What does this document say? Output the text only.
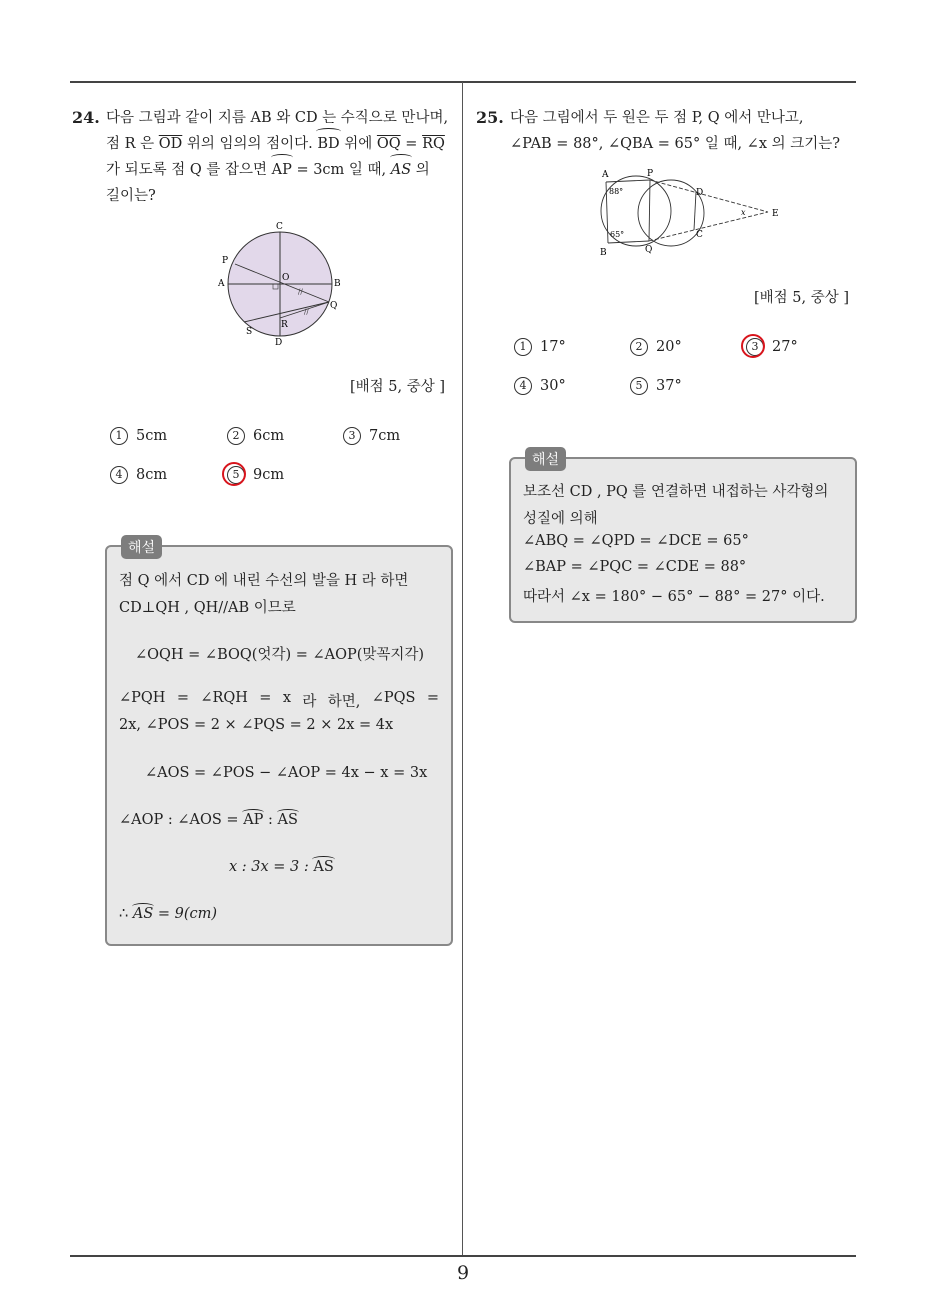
24. 다음 그림과 같이 지름 AB 와 CD 는 수직으로 만나며,
점 R 은 $\overline{OD}$ 위의 임의의 점이다. BD 위에 $\overline{OQ} = \overline{RQ}$
가 되도록 점 Q 를 잡으면 AP = 3cm 일 때, AS 의
길이는?
//
//
C
P
A
O
B
Q
S
R
D
[배점 5, 중상 ]
1 5cm	2 6cm	3 7cm
4 8cm	5 9cm
해설
점 Q 에서 CD 에 내린 수선의 발을 H 라 하면
CD⊥QH , QH//AB 이므로
∠OQH = ∠BOQ(엇각) = ∠AOP(맞꼭지각)
∠PQH = ∠RQH = x 라 하면, ∠PQS =
2x, ∠POS = 2 × ∠PQS = 2 × 2x = 4x
∠AOS = ∠POS − ∠AOP = 4x − x = 3x
∠AOP : ∠AOS = AP : AS
x : 3x = 3 : AS
∴ AS = 9(cm)
25. 다음 그림에서 두 원은 두 점 P, Q 에서 만나고,
∠PAB = 88°, ∠QBA = 65° 일 때, ∠x 의 크기는?
A	P
D
E
B	Q
C
x
88°
65°
[배점 5, 중상 ]
1 17°	2 20°	3 27°
4 30°	5 37°
해설
보조선 CD , PQ 를 연결하면 내접하는 사각형의
성질에 의해
∠ABQ = ∠QPD = ∠DCE = 65°
∠BAP = ∠PQC = ∠CDE = 88°
따라서 ∠x = 180° − 65° − 88° = 27° 이다.
9
